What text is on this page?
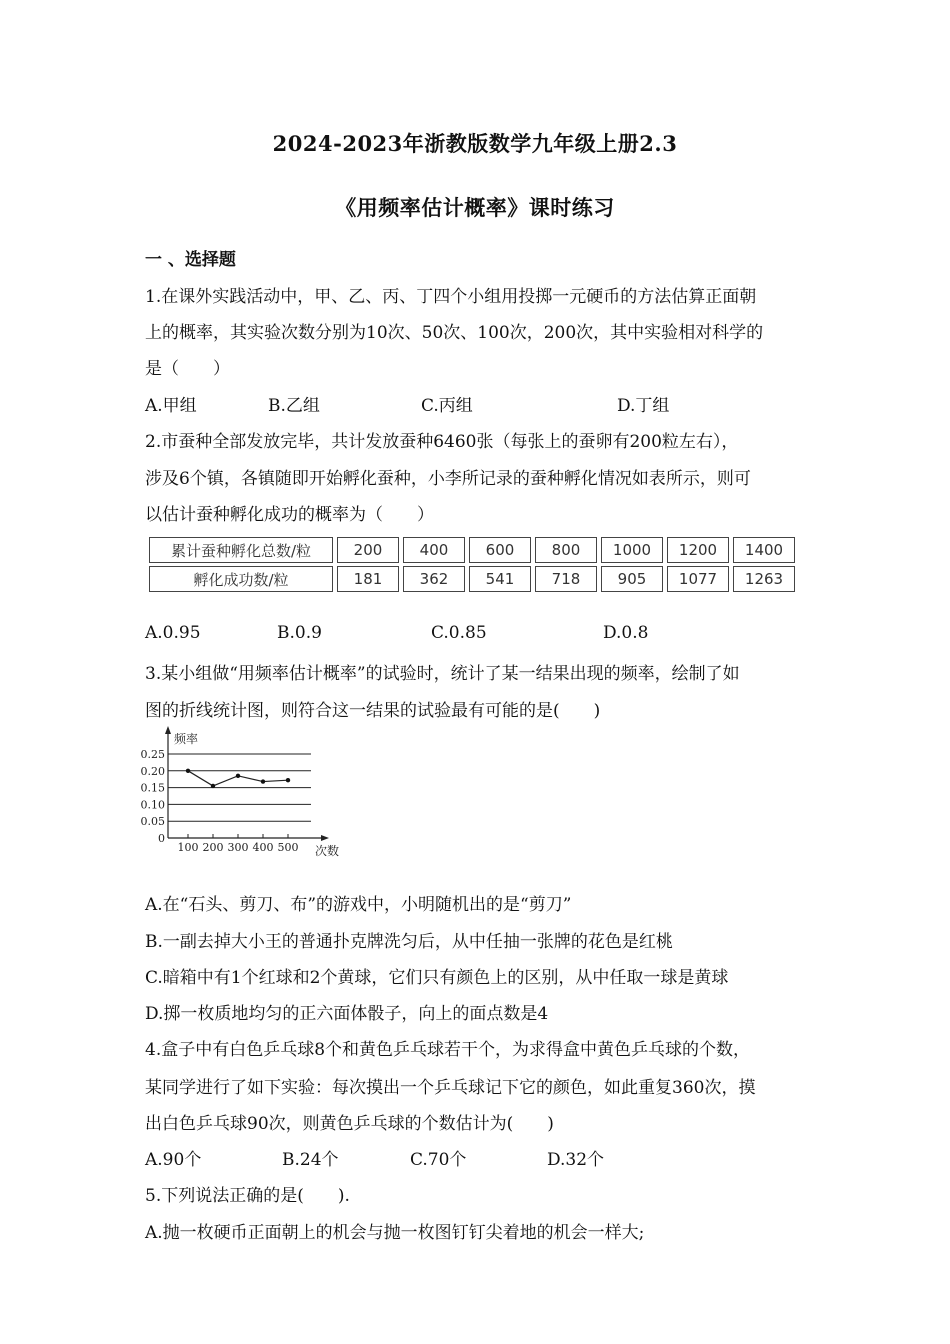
2024-2023年浙教版数学九年级上册2.3
《用频率估计概率》课时练习
一 、选择题
1.在课外实践活动中，甲、乙、丙、丁四个小组用投掷一元硬币的方法估算正面朝
上的概率，其实验次数分别为10次、50次、100次，200次，其中实验相对科学的
是（　　）
A.甲组	B.乙组	C.丙组	D.丁组
2.市蚕种全部发放完毕，共计发放蚕种6460张（每张上的蚕卵有200粒左右），
涉及6个镇，各镇随即开始孵化蚕种，小李所记录的蚕种孵化情况如表所示，则可
以估计蚕种孵化成功的概率为（　　）
累计蚕种孵化总数/粒	200	400	600	800	1000	1200	1400
孵化成功数/粒	181	362	541	718	905	1077	1263
A.0.95	B.0.9	C.0.85	D.0.8
3.某小组做“用频率估计概率”的试验时，统计了某一结果出现的频率，绘制了如
图的折线统计图，则符合这一结果的试验最有可能的是(　　)
频率
次数
0.25
0.20
0.15
0.10
0.05
0
100 200 300 400 500
A.在“石头、剪刀、布”的游戏中，小明随机出的是“剪刀”
B.一副去掉大小王的普通扑克牌洗匀后，从中任抽一张牌的花色是红桃
C.暗箱中有1个红球和2个黄球，它们只有颜色上的区别，从中任取一球是黄球
D.掷一枚质地均匀的正六面体骰子，向上的面点数是4
4.盒子中有白色乒乓球8个和黄色乒乓球若干个，为求得盒中黄色乒乓球的个数，
某同学进行了如下实验：每次摸出一个乒乓球记下它的颜色，如此重复360次，摸
出白色乒乓球90次，则黄色乒乓球的个数估计为(　　)
A.90个	B.24个	C.70个	D.32个
5.下列说法正确的是(　　).
A.抛一枚硬币正面朝上的机会与抛一枚图钉钉尖着地的机会一样大;
